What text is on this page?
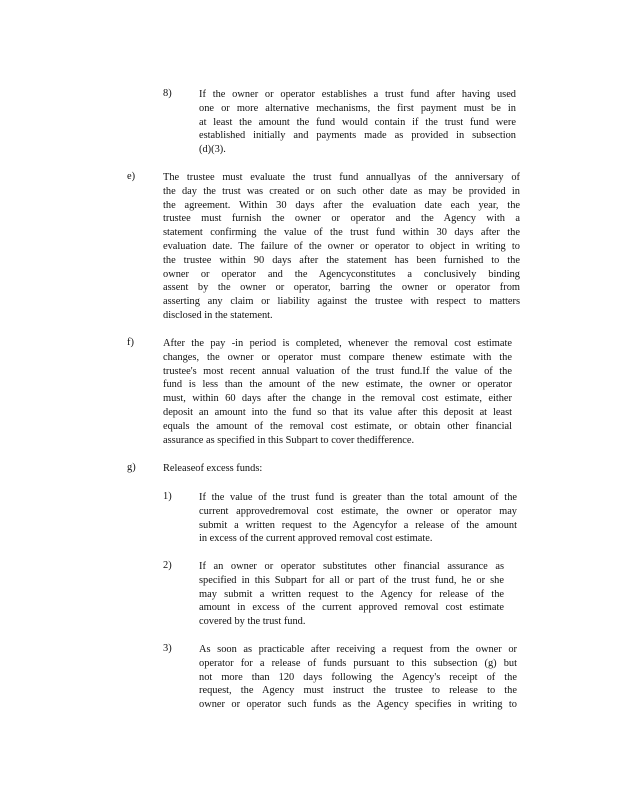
8)	If the owner or operator establishes a trust fund after having used
one or more alternative mechanisms, the first payment must be in
at least the amount the fund would contain if the trust fund were
established initially and payments made as provided in subsection
(d)(3).
e)	The trustee must evaluate the trust fund annuallyas of the anniversary of
the day the trust was created or on such other date as may be provided in
the agreement. Within 30 days after the evaluation date each year, the
trustee must furnish the owner or operator and the Agency with a
statement confirming the value of the trust fund within 30 days after the
evaluation date. The failure of the owner or operator to object in writing to
the trustee within 90 days after the statement has been furnished to the
owner or operator and the Agencyconstitutes a conclusively binding
assent by the owner or operator, barring the owner or operator from
asserting any claim or liability against the trustee with respect to matters
disclosed in the statement.
f)	After the pay -in period is completed, whenever the removal cost estimate
changes, the owner or operator must compare thenew estimate with the
trustee's most recent annual valuation of the trust fund.If the value of the
fund is less than the amount of the new estimate, the owner or operator
must, within 60 days after the change in the removal cost estimate, either
deposit an amount into the fund so that its value after this deposit at least
equals the amount of the removal cost estimate, or obtain other financial
assurance as specified in this Subpart to cover thedifference.
g)	Releaseof excess funds:
1)	If the value of the trust fund is greater than the total amount of the
current approvedremoval cost estimate, the owner or operator may
submit a written request to the Agencyfor a release of the amount
in excess of the current approved removal cost estimate.
2)	If an owner or operator substitutes other financial assurance as
specified in this Subpart for all or part of the trust fund, he or she
may submit a written request to the Agency for release of the
amount in excess of the current approved removal cost estimate
covered by the trust fund.
3)	As soon as practicable after receiving a request from the owner or
operator for a release of funds pursuant to this subsection (g) but
not more than 120 days following the Agency's receipt of the
request, the Agency must instruct the trustee to release to the
owner or operator such funds as the Agency specifies in writing to
